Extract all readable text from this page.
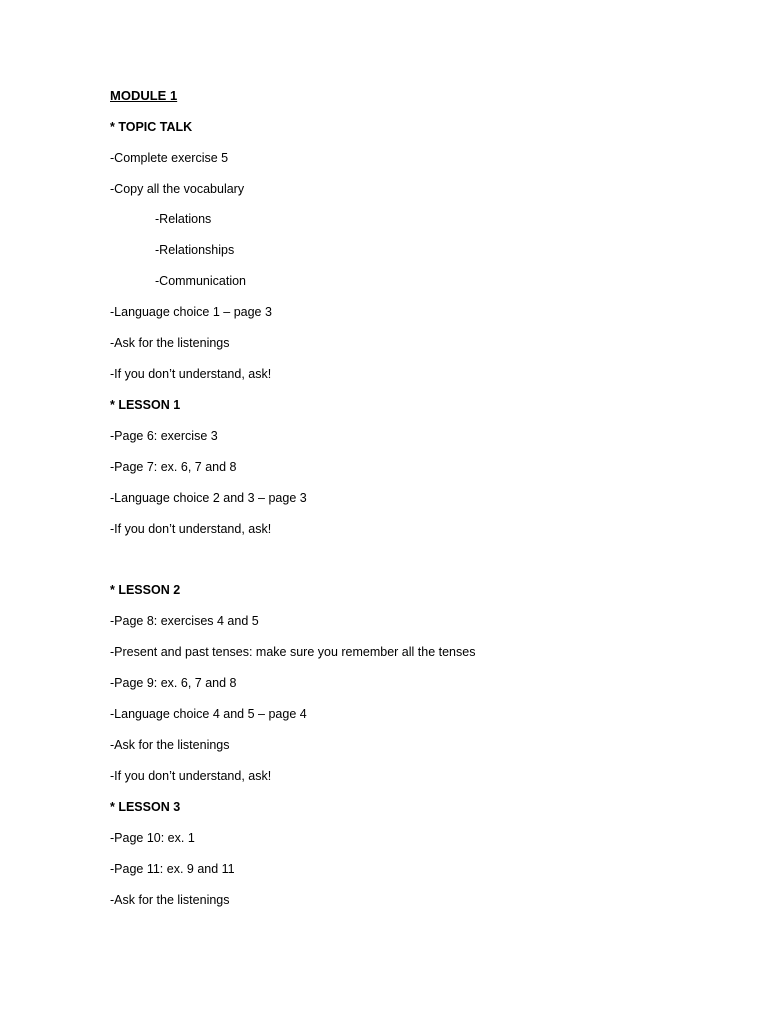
MODULE 1
* TOPIC TALK
-Complete exercise 5
-Copy all the vocabulary
-Relations
-Relationships
-Communication
-Language choice 1 – page 3
-Ask for the listenings
-If you don’t understand, ask!
* LESSON 1
-Page 6: exercise 3
-Page 7: ex. 6, 7 and 8
-Language choice 2 and 3 – page 3
-If you don’t understand, ask!
* LESSON 2
-Page 8: exercises 4 and 5
-Present and past tenses: make sure you remember all the tenses
-Page 9: ex. 6, 7 and 8
-Language choice 4 and 5 – page 4
-Ask for the listenings
-If you don’t understand, ask!
* LESSON 3
-Page 10: ex. 1
-Page 11: ex. 9 and 11
-Ask for the listenings
